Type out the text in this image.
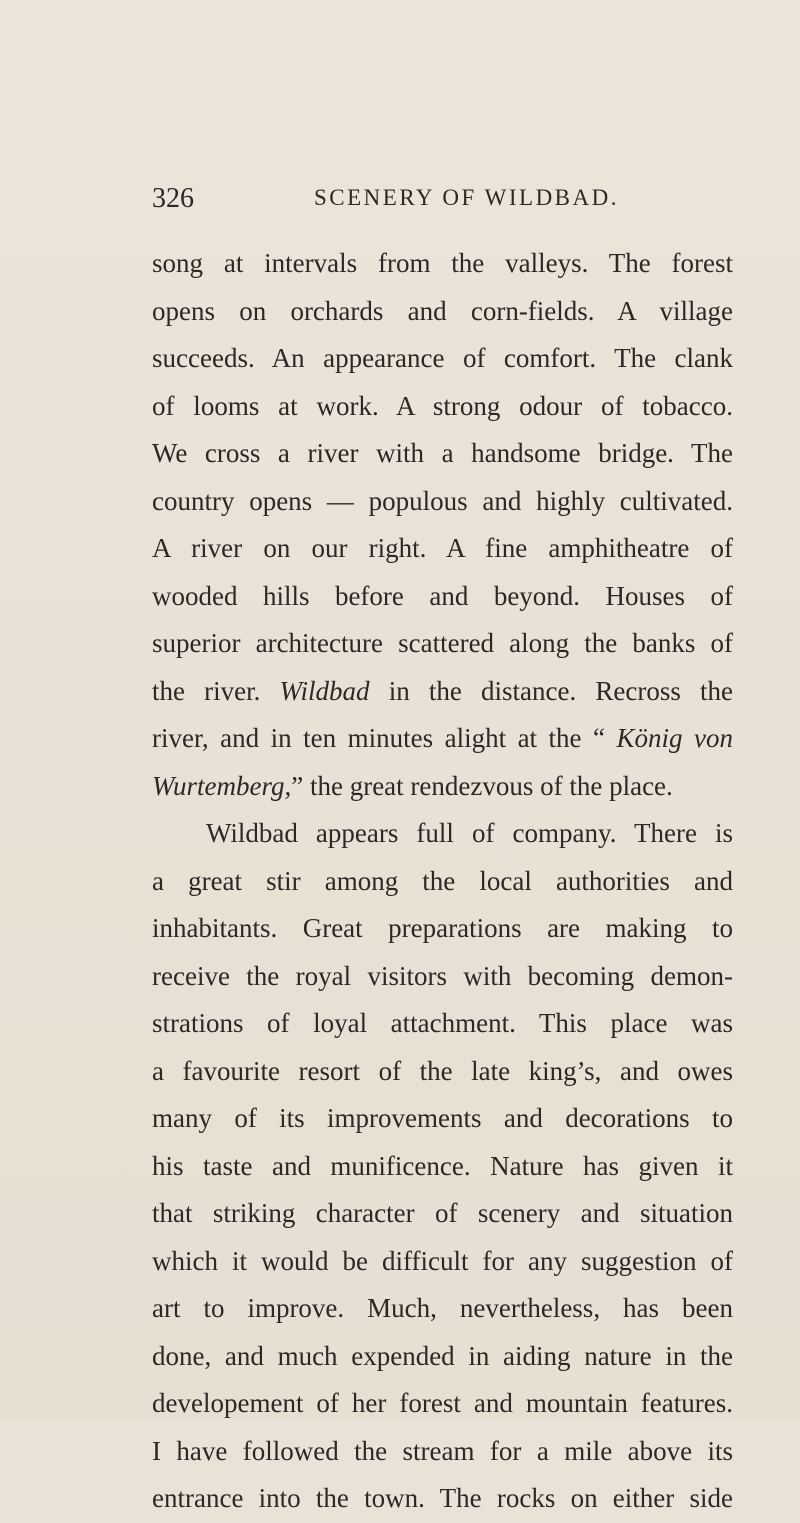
326	SCENERY OF WILDBAD.
song at intervals from the valleys. The forest
opens on orchards and corn-fields. A village
succeeds. An appearance of comfort. The clank
of looms at work. A strong odour of tobacco.
We cross a river with a handsome bridge. The
country opens — populous and highly cultivated.
A river on our right. A fine amphitheatre of
wooded hills before and beyond. Houses of
superior architecture scattered along the banks of
the river. Wildbad in the distance. Recross the
river, and in ten minutes alight at the “ König von
Wurtemberg,” the great rendezvous of the place.
Wildbad appears full of company. There is
a great stir among the local authorities and
inhabitants. Great preparations are making to
receive the royal visitors with becoming demon-
strations of loyal attachment. This place was
a favourite resort of the late king’s, and owes
many of its improvements and decorations to
his taste and munificence. Nature has given it
that striking character of scenery and situation
which it would be difficult for any suggestion of
art to improve. Much, nevertheless, has been
done, and much expended in aiding nature in the
developement of her forest and mountain features.
I have followed the stream for a mile above its
entrance into the town. The rocks on either side
